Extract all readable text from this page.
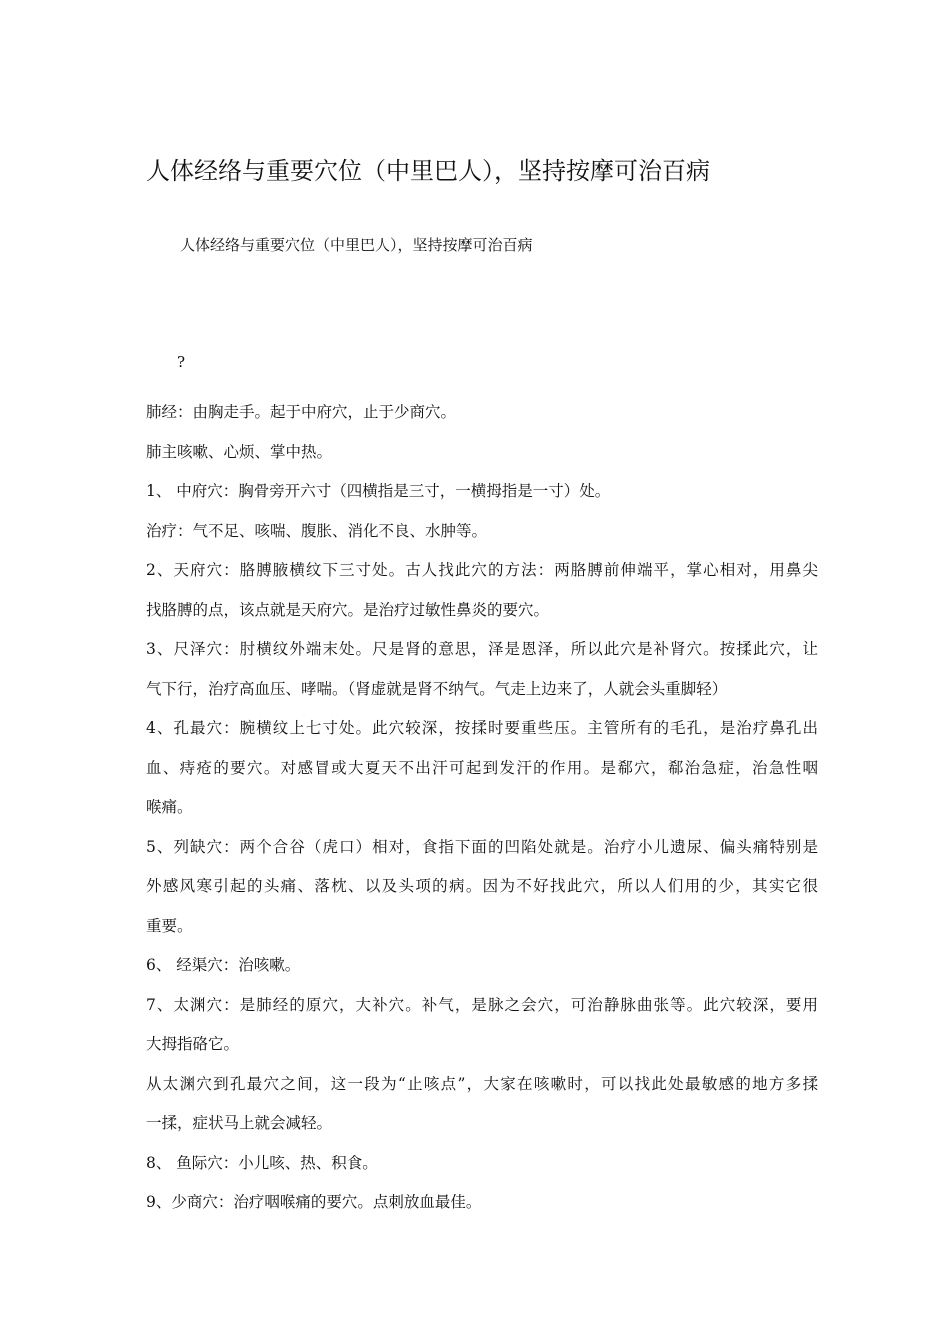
人体经络与重要穴位（中里巴人），坚持按摩可治百病
人体经络与重要穴位（中里巴人），坚持按摩可治百病
?
肺经：由胸走手。起于中府穴，止于少商穴。
肺主咳嗽、心烦、掌中热。
1、 中府穴：胸骨旁开六寸（四横指是三寸，一横拇指是一寸）处。
治疗：气不足、咳喘、腹胀、消化不良、水肿等。
2、天府穴：胳膊腋横纹下三寸处。古人找此穴的方法：两胳膊前伸端平，掌心相对，用鼻尖
找胳膊的点，该点就是天府穴。是治疗过敏性鼻炎的要穴。
3、尺泽穴：肘横纹外端末处。尺是肾的意思，泽是恩泽，所以此穴是补肾穴。按揉此穴，让
气下行，治疗高血压、哮喘。（肾虚就是肾不纳气。气走上边来了，人就会头重脚轻）
4、孔最穴：腕横纹上七寸处。此穴较深，按揉时要重些压。主管所有的毛孔，是治疗鼻孔出
血、痔疮的要穴。对感冒或大夏天不出汗可起到发汗的作用。是郗穴，郗治急症，治急性咽
喉痛。
5、列缺穴：两个合谷（虎口）相对，食指下面的凹陷处就是。治疗小儿遗尿、偏头痛特别是
外感风寒引起的头痛、落枕、以及头项的病。因为不好找此穴，所以人们用的少，其实它很
重要。
6、 经渠穴：治咳嗽。
7、太渊穴：是肺经的原穴，大补穴。补气，是脉之会穴，可治静脉曲张等。此穴较深，要用
大拇指硌它。
从太渊穴到孔最穴之间，这一段为“止咳点”，大家在咳嗽时，可以找此处最敏感的地方多揉
一揉，症状马上就会减轻。
8、 鱼际穴：小儿咳、热、积食。
9、少商穴：治疗咽喉痛的要穴。点刺放血最佳。
